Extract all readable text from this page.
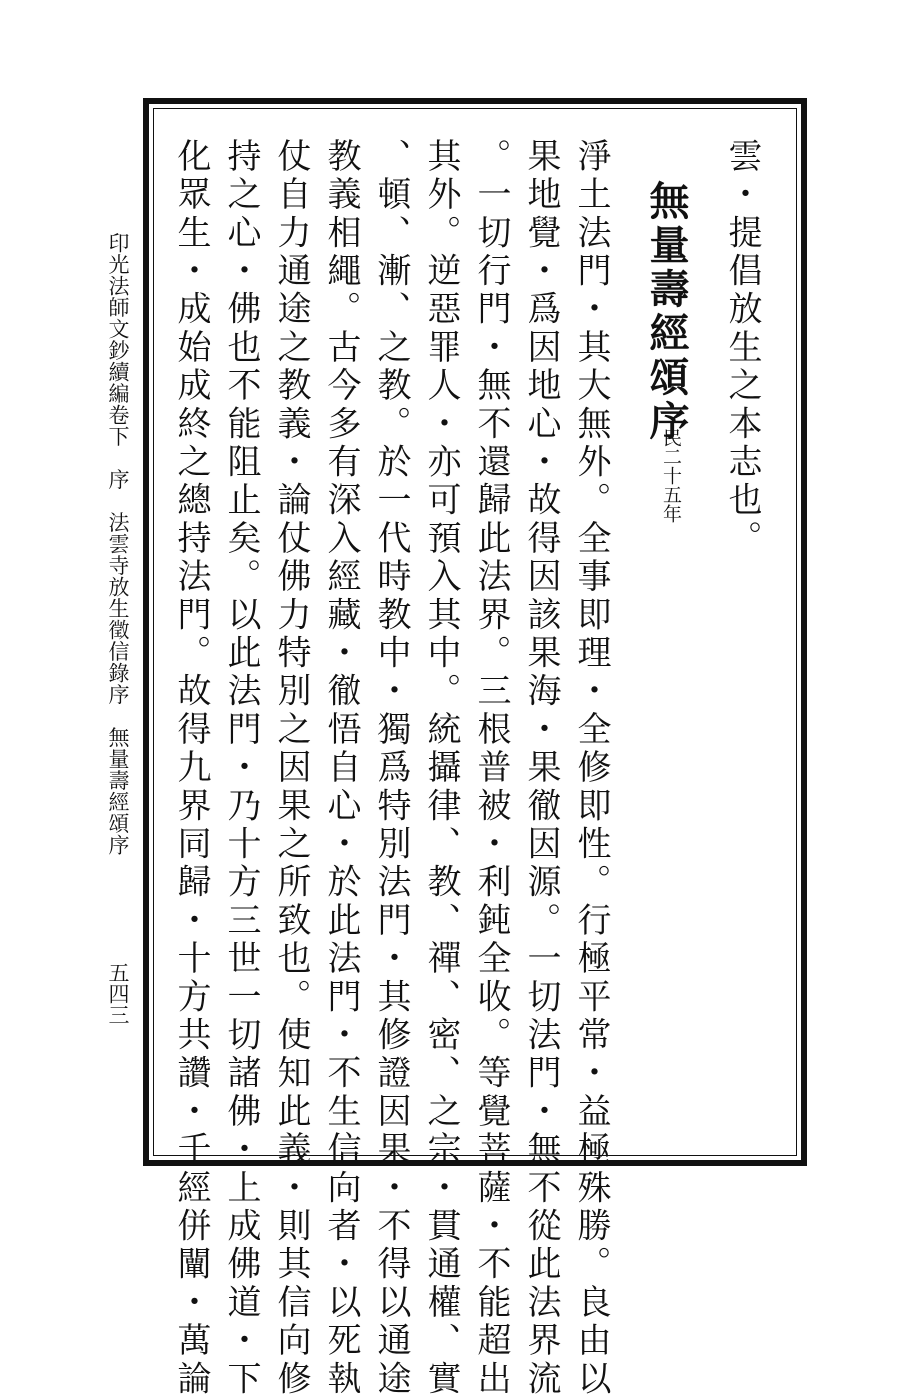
雲・提倡放生之本志也。
無量壽經頌序
民二十五年
淨土法門・其大無外。全事即理・全修即性。行極平常・益極殊勝。良由以
果地覺・爲因地心・故得因該果海・果徹因源。一切法門・無不從此法界流
。一切行門・無不還歸此法界。三根普被・利鈍全收。等覺菩薩・不能超出
其外。逆惡罪人・亦可預入其中。統攝律、教、禪、密、之宗・貫通權、實
、頓、漸、之教。於一代時教中・獨爲特別法門・其修證因果・不得以通途
教義相繩。古今多有深入經藏・徹悟自心・於此法門・不生信向者・以死執
仗自力通途之教義・論仗佛力特別之因果之所致也。使知此義・則其信向修
持之心・佛也不能阻止矣。以此法門・乃十方三世一切諸佛・上成佛道・下
化眾生・成始成終之總持法門。故得九界同歸・十方共讚・千經併闡・萬論
印光法師文鈔續編卷下　序　法雲寺放生徵信錄序　無量壽經頌序
五四三
